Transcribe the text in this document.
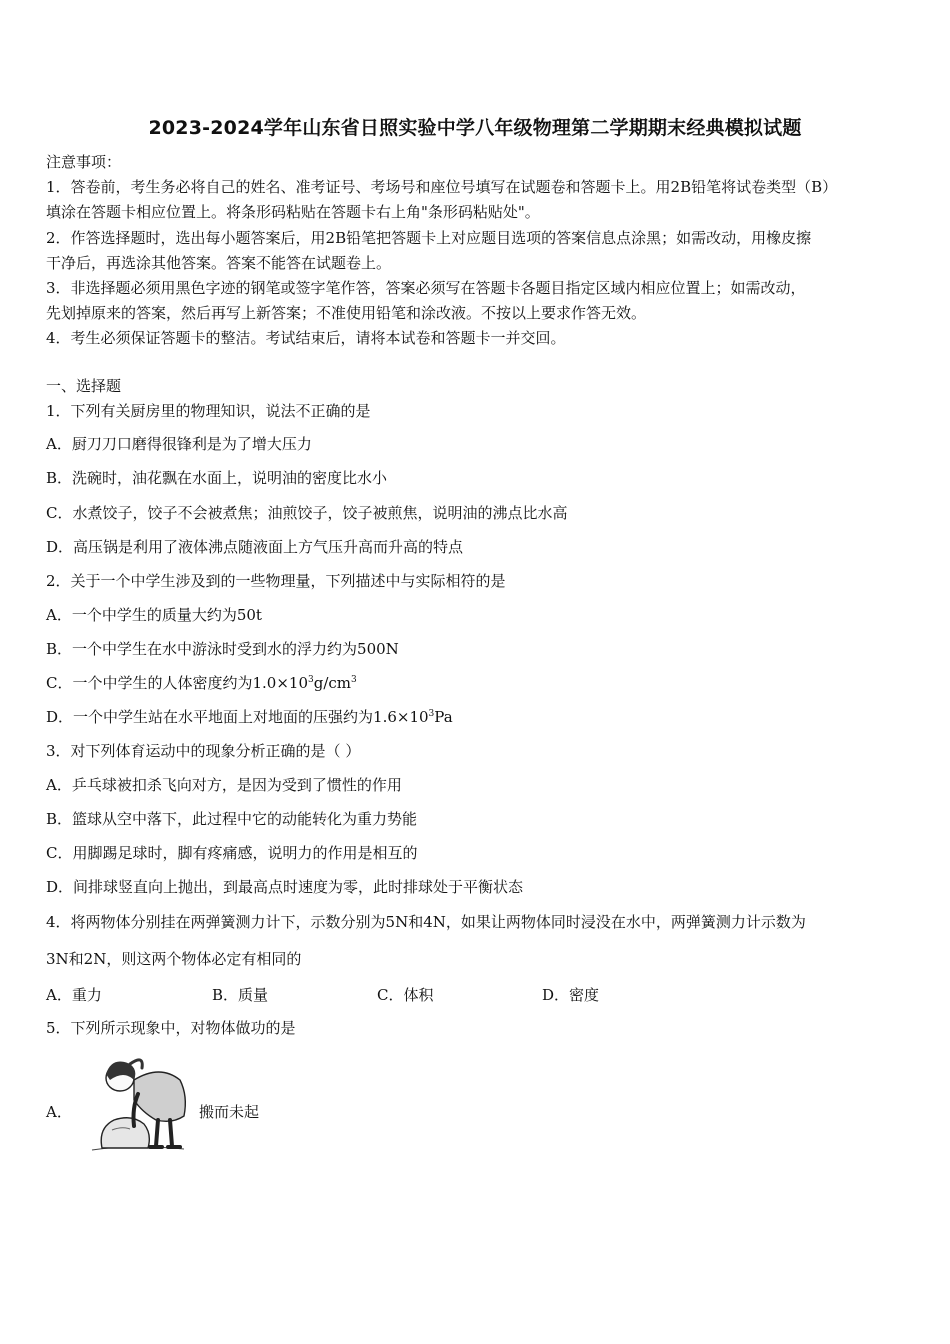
2023-2024学年山东省日照实验中学八年级物理第二学期期末经典模拟试题
注意事项：
1．答卷前，考生务必将自己的姓名、准考证号、考场号和座位号填写在试题卷和答题卡上。用2B铅笔将试卷类型（B）
填涂在答题卡相应位置上。将条形码粘贴在答题卡右上角"条形码粘贴处"。
2．作答选择题时，选出每小题答案后，用2B铅笔把答题卡上对应题目选项的答案信息点涂黑；如需改动，用橡皮擦
干净后，再选涂其他答案。答案不能答在试题卷上。
3．非选择题必须用黑色字迹的钢笔或签字笔作答，答案必须写在答题卡各题目指定区域内相应位置上；如需改动，
先划掉原来的答案，然后再写上新答案；不准使用铅笔和涂改液。不按以上要求作答无效。
4．考生必须保证答题卡的整洁。考试结束后，请将本试卷和答题卡一并交回。
一、选择题
1．下列有关厨房里的物理知识，说法不正确的是
A．厨刀刀口磨得很锋利是为了增大压力
B．洗碗时，油花飘在水面上，说明油的密度比水小
C．水煮饺子，饺子不会被煮焦；油煎饺子，饺子被煎焦，说明油的沸点比水高
D．高压锅是利用了液体沸点随液面上方气压升高而升高的特点
2．关于一个中学生涉及到的一些物理量，下列描述中与实际相符的是
A．一个中学生的质量大约为50t
B．一个中学生在水中游泳时受到水的浮力约为500N
C．一个中学生的人体密度约为$1.0\times 10^3g/cm^3$
D．一个中学生站在水平地面上对地面的压强约为$1.6\times 10^3Pa$
3．对下列体育运动中的现象分析正确的是（ ）
A．乒乓球被扣杀飞向对方，是因为受到了惯性的作用
B．篮球从空中落下，此过程中它的动能转化为重力势能
C．用脚踢足球时，脚有疼痛感，说明力的作用是相互的
D．间排球竖直向上抛出，到最高点时速度为零，此时排球处于平衡状态
4．将两物体分别挂在两弹簧测力计下，示数分别为5N和4N，如果让两物体同时浸没在水中，两弹簧测力计示数为
3N和2N，则这两个物体必定有相同的
A．重力	B．质量	C．体积	D．密度
5．下列所示现象中，对物体做功的是
A．	搬而未起
